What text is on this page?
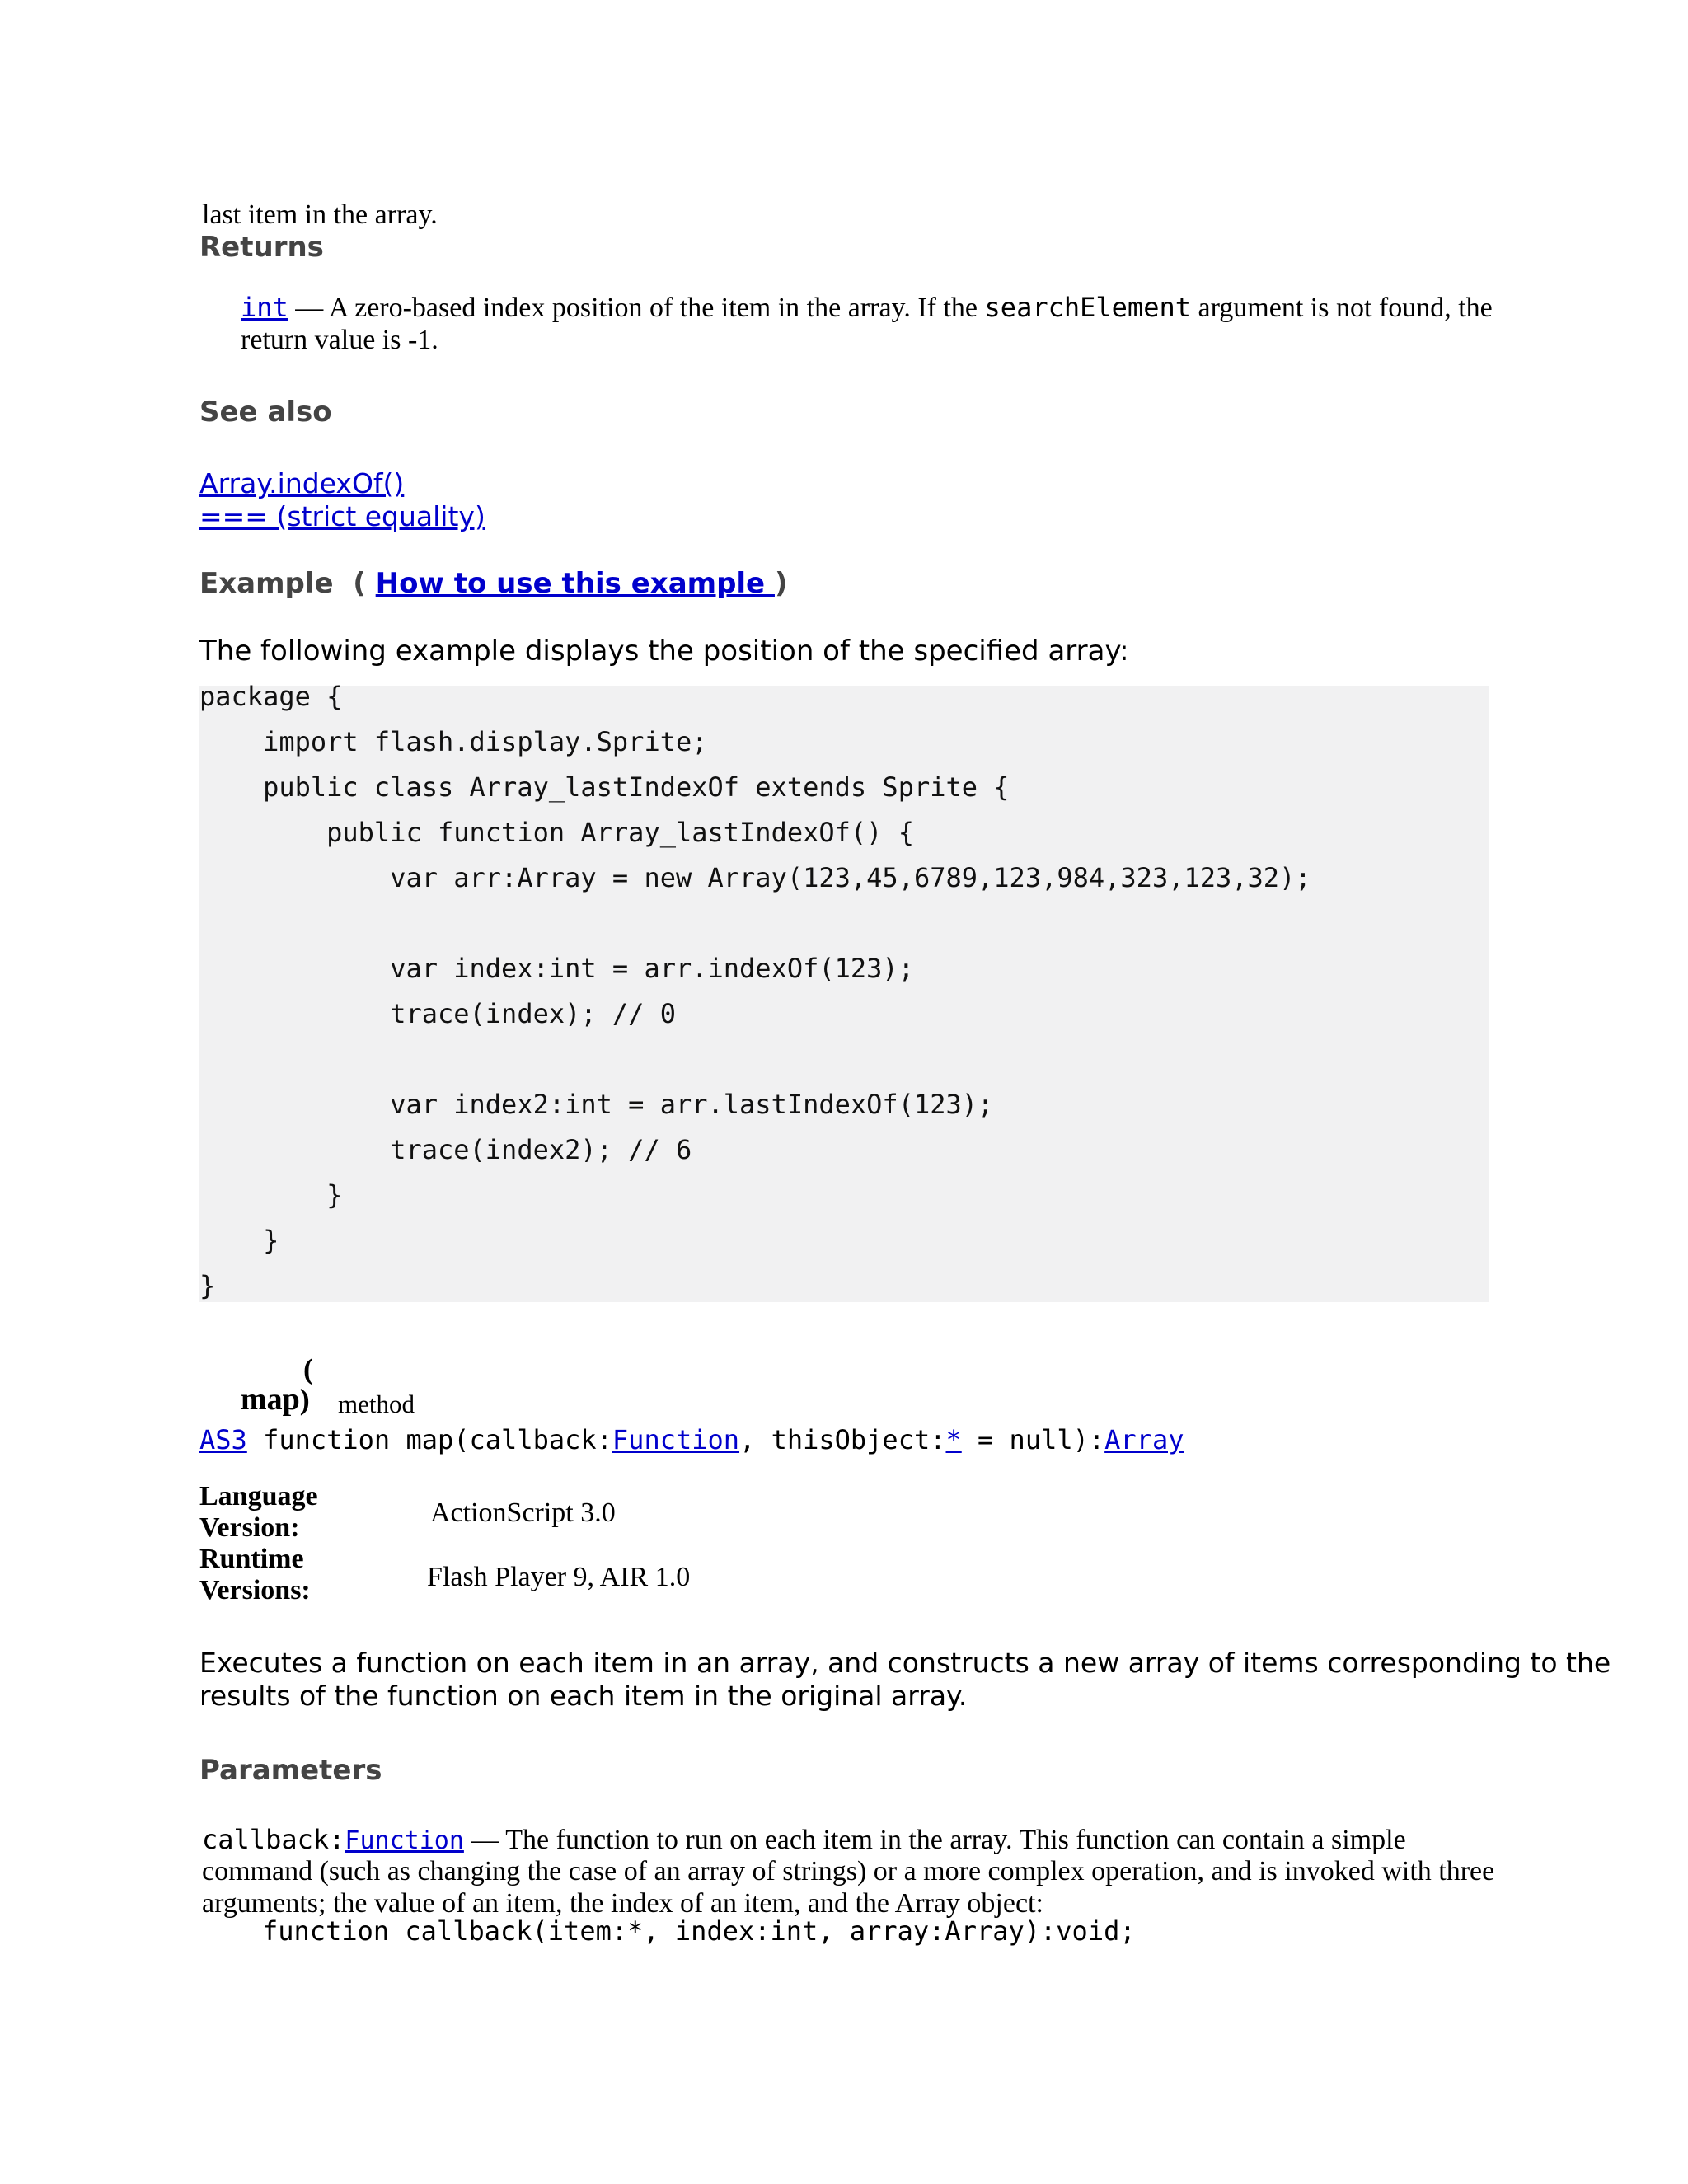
last item in the array.
Returns
int — A zero-based index position of the item in the array. If the searchElement argument is not found, the
return value is -1.
See also
Array.indexOf()
=== (strict equality)
Example ( How to use this example )
The following example displays the position of the specified array:
package {
import flash.display.Sprite;
public class Array_lastIndexOf extends Sprite {
public function Array_lastIndexOf() {
var arr:Array = new Array(123,45,6789,123,984,323,123,32);
var index:int = arr.indexOf(123);
trace(index); // 0
var index2:int = arr.lastIndexOf(123);
trace(index2); // 6
}
}
}
(
map) method
AS3 function map(callback:Function, thisObject:* = null):Array
Language
Version:	ActionScript 3.0
Runtime
Versions:	Flash Player 9, AIR 1.0
Executes a function on each item in an array, and constructs a new array of items corresponding to the
results of the function on each item in the original array.
Parameters
callback:Function — The function to run on each item in the array. This function can contain a simple
command (such as changing the case of an array of strings) or a more complex operation, and is invoked with three
arguments; the value of an item, the index of an item, and the Array object:
function callback(item:*, index:int, array:Array):void;
